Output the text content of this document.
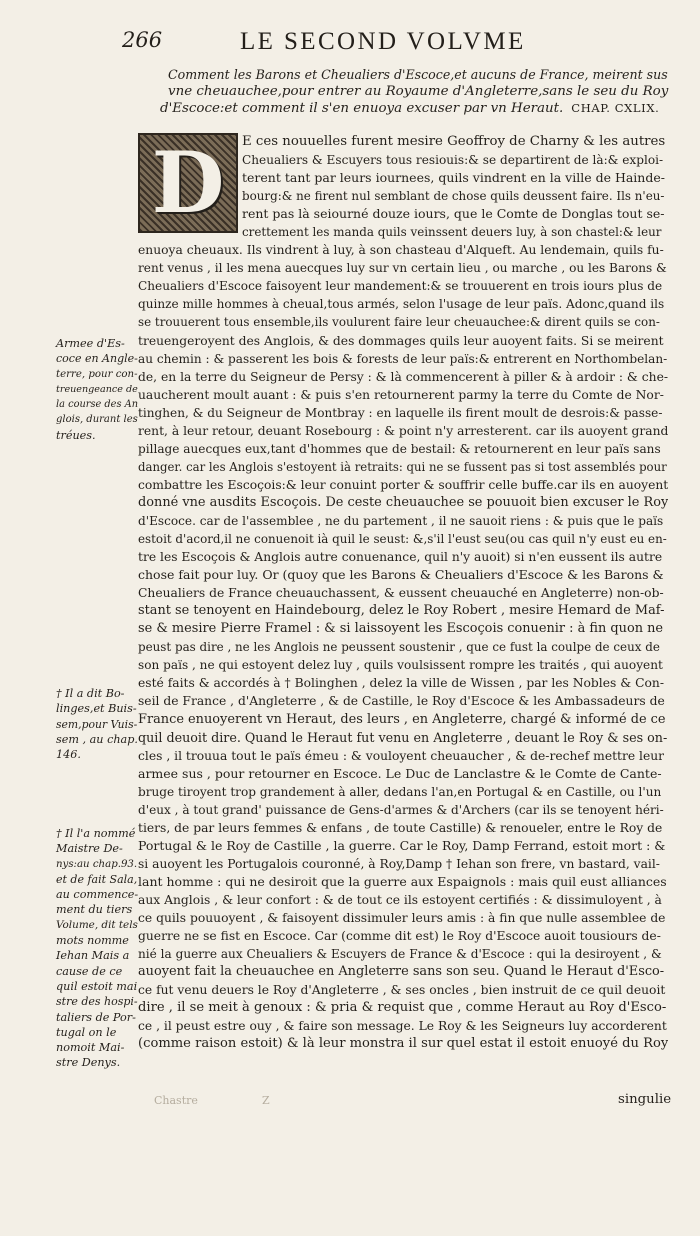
266	LE SECOND VOLVME
Comment les Barons et Cheualiers d'Escoce,et aucuns de France, meirent sus
vne cheuauchee,pour entrer au Royaume d'Angleterre,sans le seu du Roy
d'Escoce:et comment il s'en enuoya excuser par vn Heraut. CHAP. CXLIX.
D	E ces nouuelles furent mesire Geoffroy de Charny & les autres
Cheualiers & Escuyers tous resiouis:& se departirent de là:& exploi-
terent tant par leurs iournees, quils vindrent en la ville de Hainde-
bourg:& ne firent nul semblant de chose quils deussent faire. Ils n'eu-
rent pas là seiourné douze iours, que le Comte de Donglas tout se-
crettement les manda quils veinssent deuers luy, à son chastel:& leur
enuoya cheuaux. Ils vindrent à luy, à son chasteau d'Alqueft. Au lendemain, quils fu-
rent venus , il les mena auecques luy sur vn certain lieu , ou marche , ou les Barons &
Cheualiers d'Escoce faisoyent leur mandement:& se trouuerent en trois iours plus de
quinze mille hommes à cheual,tous armés, selon l'usage de leur païs. Adonc,quand ils
se trouuerent tous ensemble,ils voulurent faire leur cheuauchee:& dirent quils se con-
treuengeroyent des Anglois, & des dommages quils leur auoyent faits. Si se meirent
au chemin : & passerent les bois & forests de leur païs:& entrerent en Northombelan-
de, en la terre du Seigneur de Persy : & là commencerent à piller & à ardoir : & che-
uaucherent moult auant : & puis s'en retournerent parmy la terre du Comte de Nor-
tinghen, & du Seigneur de Montbray : en laquelle ils firent moult de desrois:& passe-
rent, à leur retour, deuant Rosebourg : & point n'y arresterent. car ils auoyent grand
pillage auecques eux,tant d'hommes que de bestail: & retournerent en leur païs sans
danger. car les Anglois s'estoyent ià retraits: qui ne se fussent pas si tost assemblés pour
combattre les Escoçois:& leur conuint porter & souffrir celle buffe.car ils en auoyent
donné vne ausdits Escoçois. De ceste cheuauchee se pouuoit bien excuser le Roy
d'Escoce. car de l'assemblee , ne du partement , il ne sauoit riens : & puis que le païs
estoit d'acord,il ne conuenoit ià quil le seust: &,s'il l'eust seu(ou cas quil n'y eust eu en-
tre les Escoçois & Anglois autre conuenance, quil n'y auoit) si n'en eussent ils autre
chose fait pour luy. Or (quoy que les Barons & Cheualiers d'Escoce & les Barons &
Cheualiers de France cheuauchassent, & eussent cheuauché en Angleterre) non-ob-
stant se tenoyent en Haindebourg, delez le Roy Robert , mesire Hemard de Maf-
se & mesire Pierre Framel : & si laissoyent les Escoçois conuenir : à fin quon ne
peust pas dire , ne les Anglois ne peussent soustenir , que ce fust la coulpe de ceux de
son païs , ne qui estoyent delez luy , quils voulsissent rompre les traités , qui auoyent
esté faits & accordés à † Bolinghen , delez la ville de Wissen , par les Nobles & Con-
seil de France , d'Angleterre , & de Castille, le Roy d'Escoce & les Ambassadeurs de
France enuoyerent vn Heraut, des leurs , en Angleterre, chargé & informé de ce
quil deuoit dire. Quand le Heraut fut venu en Angleterre , deuant le Roy & ses on-
cles , il trouua tout le païs émeu : & vouloyent cheuaucher , & de-rechef mettre leur
armee sus , pour retourner en Escoce. Le Duc de Lanclastre & le Comte de Cante-
bruge tiroyent trop grandement à aller, dedans l'an,en Portugal & en Castille, ou l'un
d'eux , à tout grand' puissance de Gens-d'armes & d'Archers (car ils se tenoyent héri-
tiers, de par leurs femmes & enfans , de toute Castille) & renoueler, entre le Roy de
Portugal & le Roy de Castille , la guerre. Car le Roy, Damp Ferrand, estoit mort : &
si auoyent les Portugalois couronné, à Roy,Damp † Iehan son frere, vn bastard, vail-
lant homme : qui ne desiroit que la guerre aux Espaignols : mais quil eust alliances
aux Anglois , & leur confort : & de tout ce ils estoyent certifiés : & dissimuloyent , à
ce quils pouuoyent , & faisoyent dissimuler leurs amis : à fin que nulle assemblee de
guerre ne se fist en Escoce. Car (comme dit est) le Roy d'Escoce auoit tousiours de-
nié la guerre aux Cheualiers & Escuyers de France & d'Escoce : qui la desiroyent , &
auoyent fait la cheuauchee en Angleterre sans son seu. Quand le Heraut d'Esco-
ce fut venu deuers le Roy d'Angleterre , & ses oncles , bien instruit de ce quil deuoit
dire , il se meit à genoux : & pria & requist que , comme Heraut au Roy d'Esco-
ce , il peust estre ouy , & faire son message. Le Roy & les Seigneurs luy accorderent
(comme raison estoit) & là leur monstra il sur quel estat il estoit enuoyé du Roy
Armee d'Es-
coce en Angle-
terre, pour con-
treuengeance de
la course des An
glois, durant les
tréues.
† Il a dit Bo-
linges,et Buis-
sem,pour Vuis-
sem , au chap.
146.
† Il l'a nommé
Maistre De-
nys:au chap.93.
et de fait Sala,
au commence-
ment du tiers
Volume, dit tels
mots nomme
Iehan Mais a
cause de ce
quil estoit mai
stre des hospi-
taliers de Por-
tugal on le
nomoit Mai-
stre Denys.
Chastre	Z	singulie
